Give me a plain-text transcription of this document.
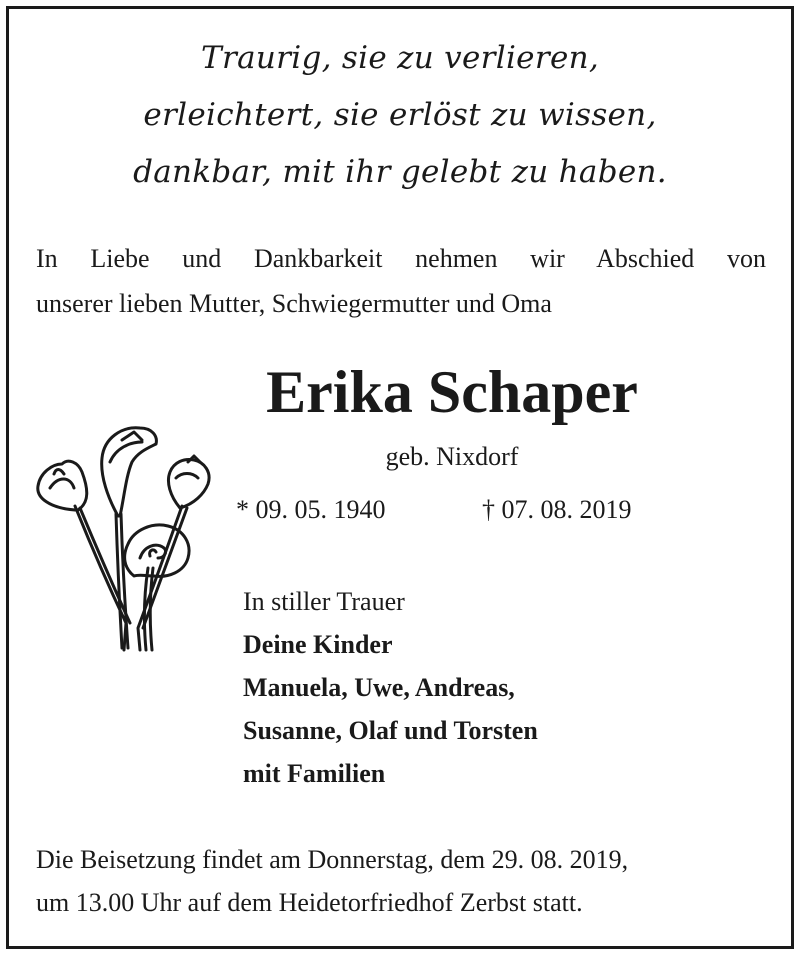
Traurig, sie zu verlieren,
erleichtert, sie erlöst zu wissen,
dankbar, mit ihr gelebt zu haben.
In Liebe und Dankbarkeit nehmen wir Abschied von
unserer lieben Mutter, Schwiegermutter und Oma
Erika Schaper
geb. Nixdorf
* 09. 05. 1940	† 07. 08. 2019
In stiller Trauer
Deine Kinder
Manuela, Uwe, Andreas,
Susanne, Olaf und Torsten
mit Familien
Die Beisetzung findet am Donnerstag, dem 29. 08. 2019,
um 13.00 Uhr auf dem Heidetorfriedhof Zerbst statt.
